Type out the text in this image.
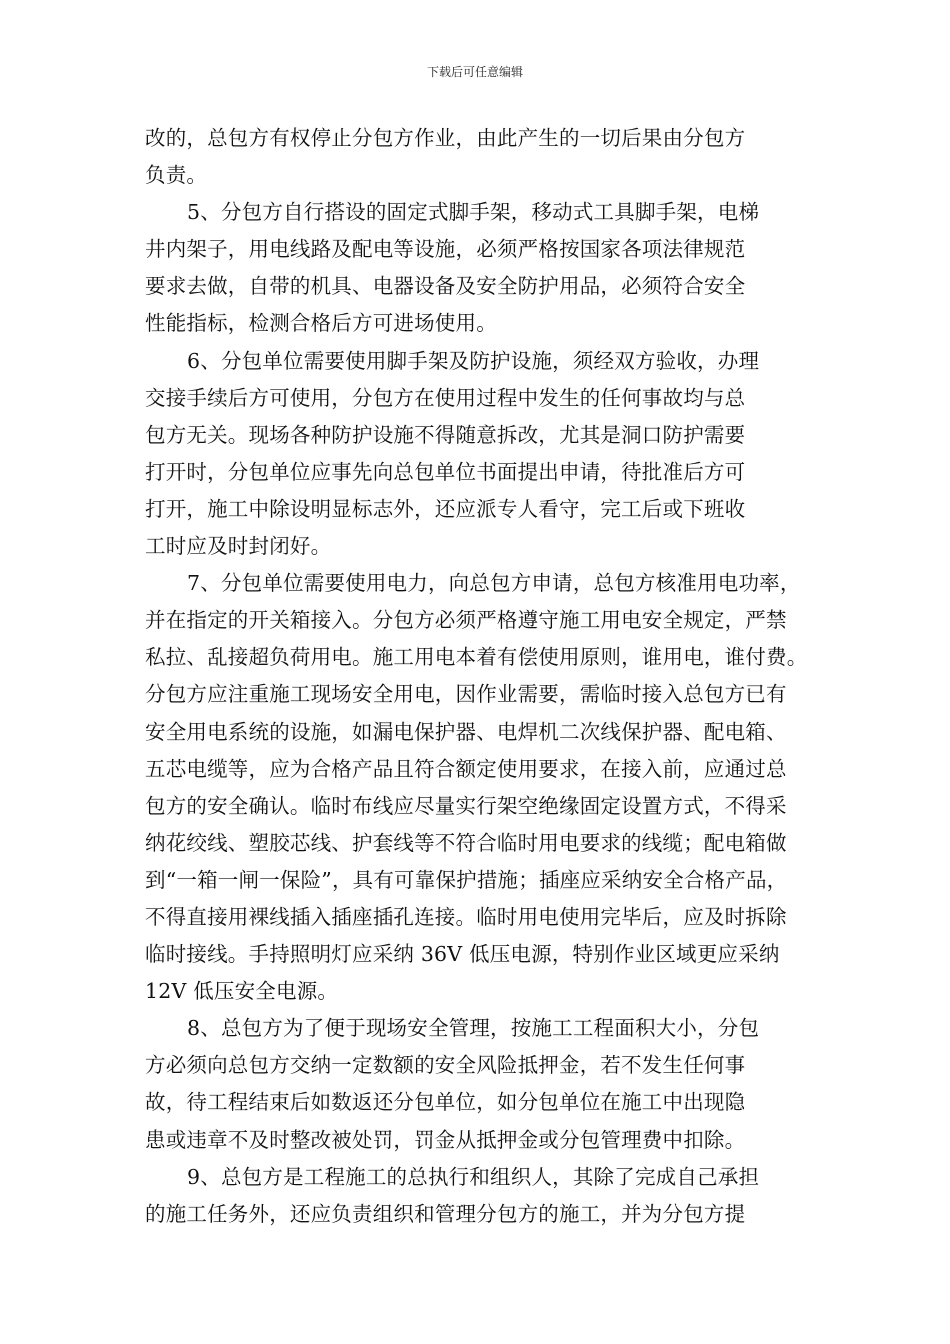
下载后可任意编辑
改的，总包方有权停止分包方作业，由此产生的一切后果由分包方
负责。
5、分包方自行搭设的固定式脚手架，移动式工具脚手架，电梯
井内架子，用电线路及配电等设施，必须严格按国家各项法律规范
要求去做，自带的机具、电器设备及安全防护用品，必须符合安全
性能指标，检测合格后方可进场使用。
6、分包单位需要使用脚手架及防护设施，须经双方验收，办理
交接手续后方可使用，分包方在使用过程中发生的任何事故均与总
包方无关。现场各种防护设施不得随意拆改，尤其是洞口防护需要
打开时，分包单位应事先向总包单位书面提出申请，待批准后方可
打开，施工中除设明显标志外，还应派专人看守，完工后或下班收
工时应及时封闭好。
7、分包单位需要使用电力，向总包方申请，总包方核准用电功率，
并在指定的开关箱接入。分包方必须严格遵守施工用电安全规定，严禁
私拉、乱接超负荷用电。施工用电本着有偿使用原则，谁用电，谁付费。
分包方应注重施工现场安全用电，因作业需要，需临时接入总包方已有
安全用电系统的设施，如漏电保护器、电焊机二次线保护器、配电箱、
五芯电缆等，应为合格产品且符合额定使用要求，在接入前，应通过总
包方的安全确认。临时布线应尽量实行架空绝缘固定设置方式，不得采
纳花绞线、塑胶芯线、护套线等不符合临时用电要求的线缆；配电箱做
到“一箱一闸一保险”，具有可靠保护措施；插座应采纳安全合格产品，
不得直接用裸线插入插座插孔连接。临时用电使用完毕后，应及时拆除
临时接线。手持照明灯应采纳 36V 低压电源，特别作业区域更应采纳
12V 低压安全电源。
8、总包方为了便于现场安全管理，按施工工程面积大小，分包
方必须向总包方交纳一定数额的安全风险抵押金，若不发生任何事
故，待工程结束后如数返还分包单位，如分包单位在施工中出现隐
患或违章不及时整改被处罚，罚金从抵押金或分包管理费中扣除。
9、总包方是工程施工的总执行和组织人，其除了完成自己承担
的施工任务外，还应负责组织和管理分包方的施工，并为分包方提
